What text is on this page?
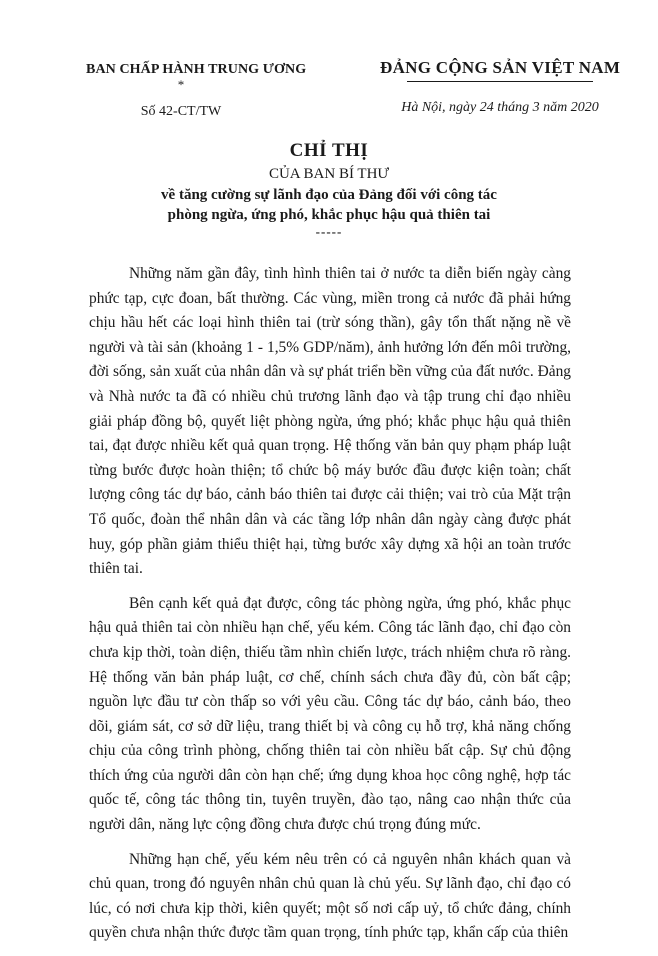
BAN CHẤP HÀNH TRUNG ƯƠNG
*
Số 42-CT/TW
ĐẢNG CỘNG SẢN VIỆT NAM
Hà Nội, ngày 24 tháng 3 năm 2020
CHỈ THỊ
CỦA BAN BÍ THƯ
về tăng cường sự lãnh đạo của Đảng đối với công tác
phòng ngừa, ứng phó, khắc phục hậu quả thiên tai
-----

Những năm gần đây, tình hình thiên tai ở nước ta diễn biến ngày càng phức tạp, cực đoan, bất thường. Các vùng, miền trong cả nước đã phải hứng chịu hầu hết các loại hình thiên tai (trừ sóng thần), gây tổn thất nặng nề về người và tài sản (khoảng 1 - 1,5% GDP/năm), ảnh hưởng lớn đến môi trường, đời sống, sản xuất của nhân dân và sự phát triển bền vững của đất nước. Đảng và Nhà nước ta đã có nhiều chủ trương lãnh đạo và tập trung chỉ đạo nhiều giải pháp đồng bộ, quyết liệt phòng ngừa, ứng phó; khắc phục hậu quả thiên tai, đạt được nhiều kết quả quan trọng. Hệ thống văn bản quy phạm pháp luật từng bước được hoàn thiện; tổ chức bộ máy bước đầu được kiện toàn; chất lượng công tác dự báo, cảnh báo thiên tai được cải thiện; vai trò của Mặt trận Tổ quốc, đoàn thể nhân dân và các tầng lớp nhân dân ngày càng được phát huy, góp phần giảm thiểu thiệt hại, từng bước xây dựng xã hội an toàn trước thiên tai.

Bên cạnh kết quả đạt được, công tác phòng ngừa, ứng phó, khắc phục hậu quả thiên tai còn nhiều hạn chế, yếu kém. Công tác lãnh đạo, chỉ đạo còn chưa kịp thời, toàn diện, thiếu tầm nhìn chiến lược, trách nhiệm chưa rõ ràng. Hệ thống văn bản pháp luật, cơ chế, chính sách chưa đầy đủ, còn bất cập; nguồn lực đầu tư còn thấp so với yêu cầu. Công tác dự báo, cảnh báo, theo dõi, giám sát, cơ sở dữ liệu, trang thiết bị và công cụ hỗ trợ, khả năng chống chịu của công trình phòng, chống thiên tai còn nhiều bất cập. Sự chủ động thích ứng của người dân còn hạn chế; ứng dụng khoa học công nghệ, hợp tác quốc tế, công tác thông tin, tuyên truyền, đào tạo, nâng cao nhận thức của người dân, năng lực cộng đồng chưa được chú trọng đúng mức.

Những hạn chế, yếu kém nêu trên có cả nguyên nhân khách quan và chủ quan, trong đó nguyên nhân chủ quan là chủ yếu. Sự lãnh đạo, chỉ đạo có lúc, có nơi chưa kịp thời, kiên quyết; một số nơi cấp uỷ, tổ chức đảng, chính quyền chưa nhận thức được tầm quan trọng, tính phức tạp, khẩn cấp của thiên
